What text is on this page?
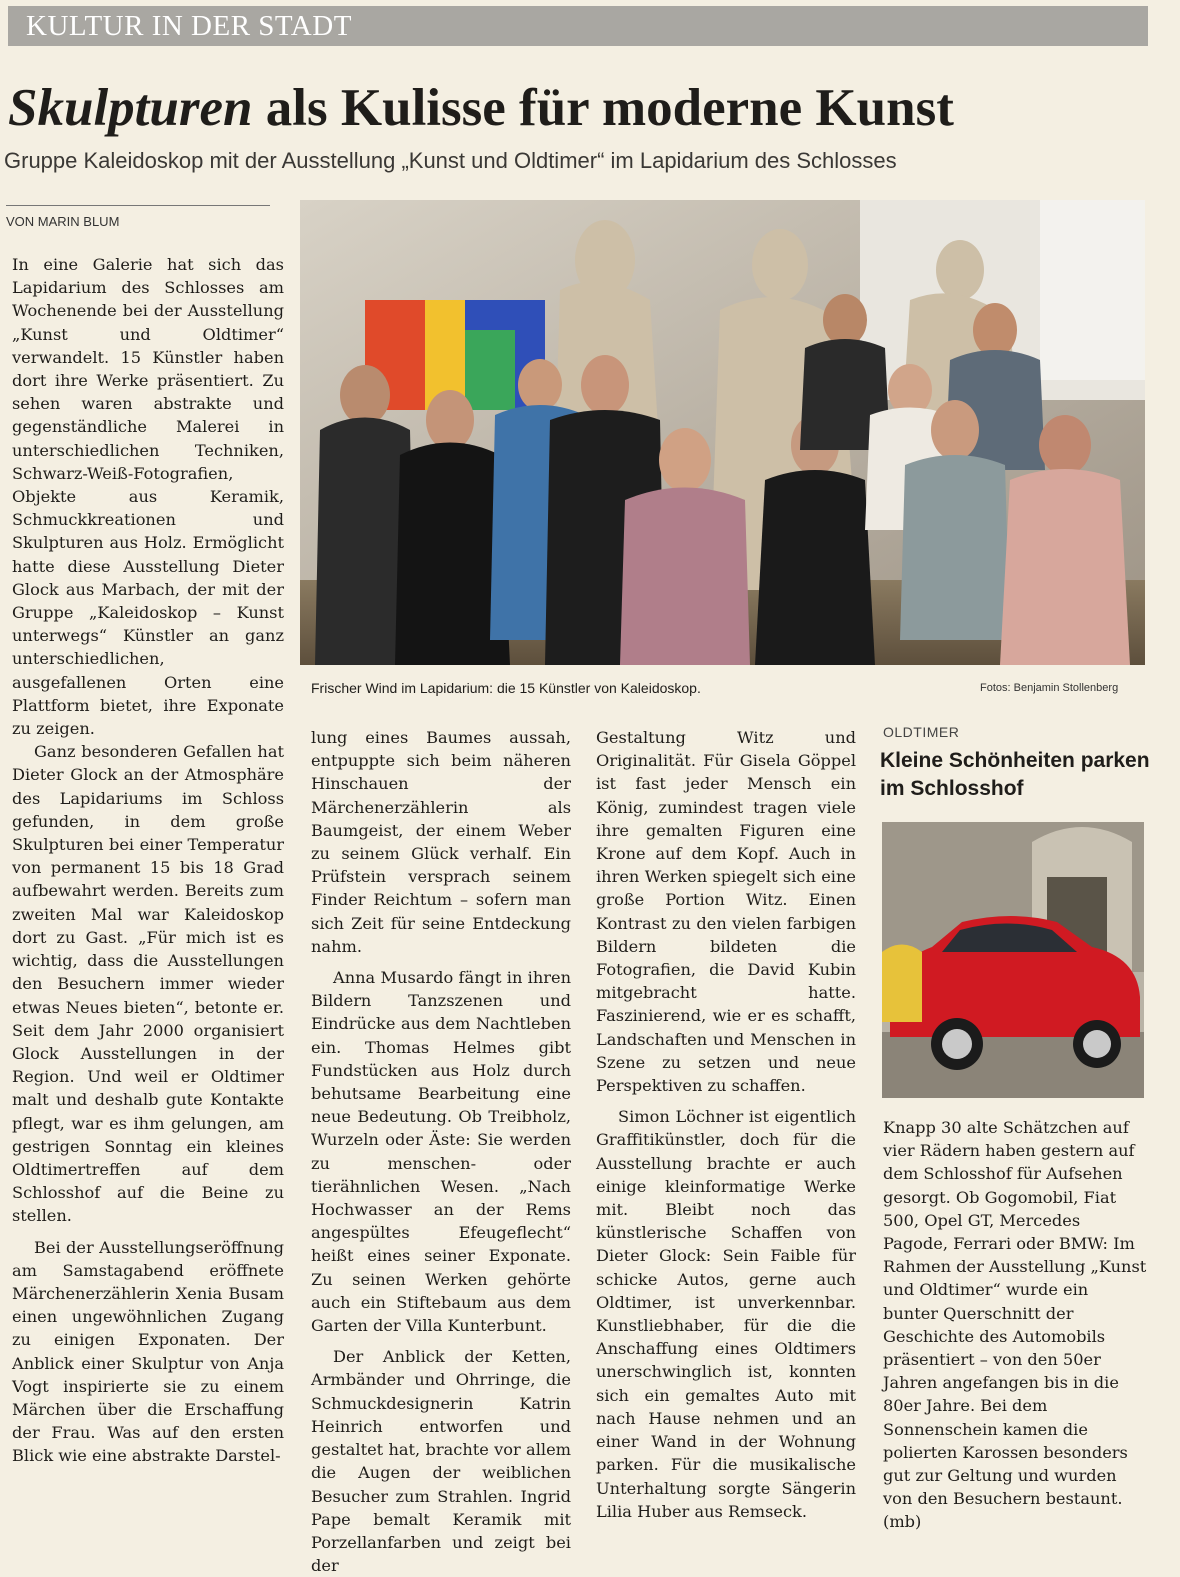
KULTUR IN DER STADT
Skulpturen als Kulisse für moderne Kunst
Gruppe Kaleidoskop mit der Ausstellung „Kunst und Oldtimer“ im Lapidarium des Schlosses
VON MARIN BLUM
Frischer Wind im Lapidarium: die 15 Künstler von Kaleidoskop.	Fotos: Benjamin Stollenberg

In eine Galerie hat sich das Lapidarium des Schlosses am Wochenende bei der Ausstellung „Kunst und Oldtimer“ verwandelt. 15 Künstler haben dort ihre Werke präsentiert. Zu sehen waren abstrakte und gegenständliche Malerei in unterschiedlichen Techniken, Schwarz-Weiß-Fotografien, Objekte aus Keramik, Schmuckkreationen und Skulpturen aus Holz. Ermöglicht hatte diese Ausstellung Dieter Glock aus Marbach, der mit der Gruppe „Kaleidoskop – Kunst unterwegs“ Künstler an ganz unterschiedlichen, ausgefallenen Orten eine Plattform bietet, ihre Exponate zu zeigen.

Ganz besonderen Gefallen hat Dieter Glock an der Atmosphäre des Lapidariums im Schloss gefunden, in dem große Skulpturen bei einer Temperatur von permanent 15 bis 18 Grad aufbewahrt werden. Bereits zum zweiten Mal war Kaleidoskop dort zu Gast. „Für mich ist es wichtig, dass die Ausstellungen den Besuchern immer wieder etwas Neues bieten“, betonte er. Seit dem Jahr 2000 organisiert Glock Ausstellungen in der Region. Und weil er Oldtimer malt und deshalb gute Kontakte pflegt, war es ihm gelungen, am gestrigen Sonntag ein kleines Oldtimertreffen auf dem Schlosshof auf die Beine zu stellen.

Bei der Ausstellungseröffnung am Samstagabend eröffnete Märchenerzählerin Xenia Busam einen ungewöhnlichen Zugang zu einigen Exponaten. Der Anblick einer Skulptur von Anja Vogt inspirierte sie zu einem Märchen über die Erschaffung der Frau. Was auf den ersten Blick wie eine abstrakte Darstel-

lung eines Baumes aussah, entpuppte sich beim näheren Hinschauen der Märchenerzählerin als Baumgeist, der einem Weber zu seinem Glück verhalf. Ein Prüfstein versprach seinem Finder Reichtum – sofern man sich Zeit für seine Entdeckung nahm.

Anna Musardo fängt in ihren Bildern Tanzszenen und Eindrücke aus dem Nachtleben ein. Thomas Helmes gibt Fundstücken aus Holz durch behutsame Bearbeitung eine neue Bedeutung. Ob Treibholz, Wurzeln oder Äste: Sie werden zu menschen- oder tierähnlichen Wesen. „Nach Hochwasser an der Rems angespültes Efeugeflecht“ heißt eines seiner Exponate. Zu seinen Werken gehörte auch ein Stiftebaum aus dem Garten der Villa Kunterbunt.

Der Anblick der Ketten, Armbänder und Ohrringe, die Schmuckdesignerin Katrin Heinrich entworfen und gestaltet hat, brachte vor allem die Augen der weiblichen Besucher zum Strahlen. Ingrid Pape bemalt Keramik mit Porzellanfarben und zeigt bei der

Gestaltung Witz und Originalität. Für Gisela Göppel ist fast jeder Mensch ein König, zumindest tragen viele ihre gemalten Figuren eine Krone auf dem Kopf. Auch in ihren Werken spiegelt sich eine große Portion Witz. Einen Kontrast zu den vielen farbigen Bildern bildeten die Fotografien, die David Kubin mitgebracht hatte. Faszinierend, wie er es schafft, Landschaften und Menschen in Szene zu setzen und neue Perspektiven zu schaffen.

Simon Löchner ist eigentlich Graffitikünstler, doch für die Ausstellung brachte er auch einige kleinformatige Werke mit. Bleibt noch das künstlerische Schaffen von Dieter Glock: Sein Faible für schicke Autos, gerne auch Oldtimer, ist unverkennbar. Kunstliebhaber, für die die Anschaffung eines Oldtimers unerschwinglich ist, konnten sich ein gemaltes Auto mit nach Hause nehmen und an einer Wand in der Wohnung parken. Für die musikalische Unterhaltung sorgte Sängerin Lilia Huber aus Remseck.

OLDTIMER
Kleine Schönheiten parken im Schlosshof

Knapp 30 alte Schätzchen auf vier Rädern haben gestern auf dem Schlosshof für Aufsehen gesorgt. Ob Gogomobil, Fiat 500, Opel GT, Mercedes Pagode, Ferrari oder BMW: Im Rahmen der Ausstellung „Kunst und Oldtimer“ wurde ein bunter Querschnitt der Geschichte des Automobils präsentiert – von den 50er Jahren angefangen bis in die 80er Jahre. Bei dem Sonnenschein kamen die polierten Karossen besonders gut zur Geltung und wurden von den Besuchern bestaunt. (mb)
